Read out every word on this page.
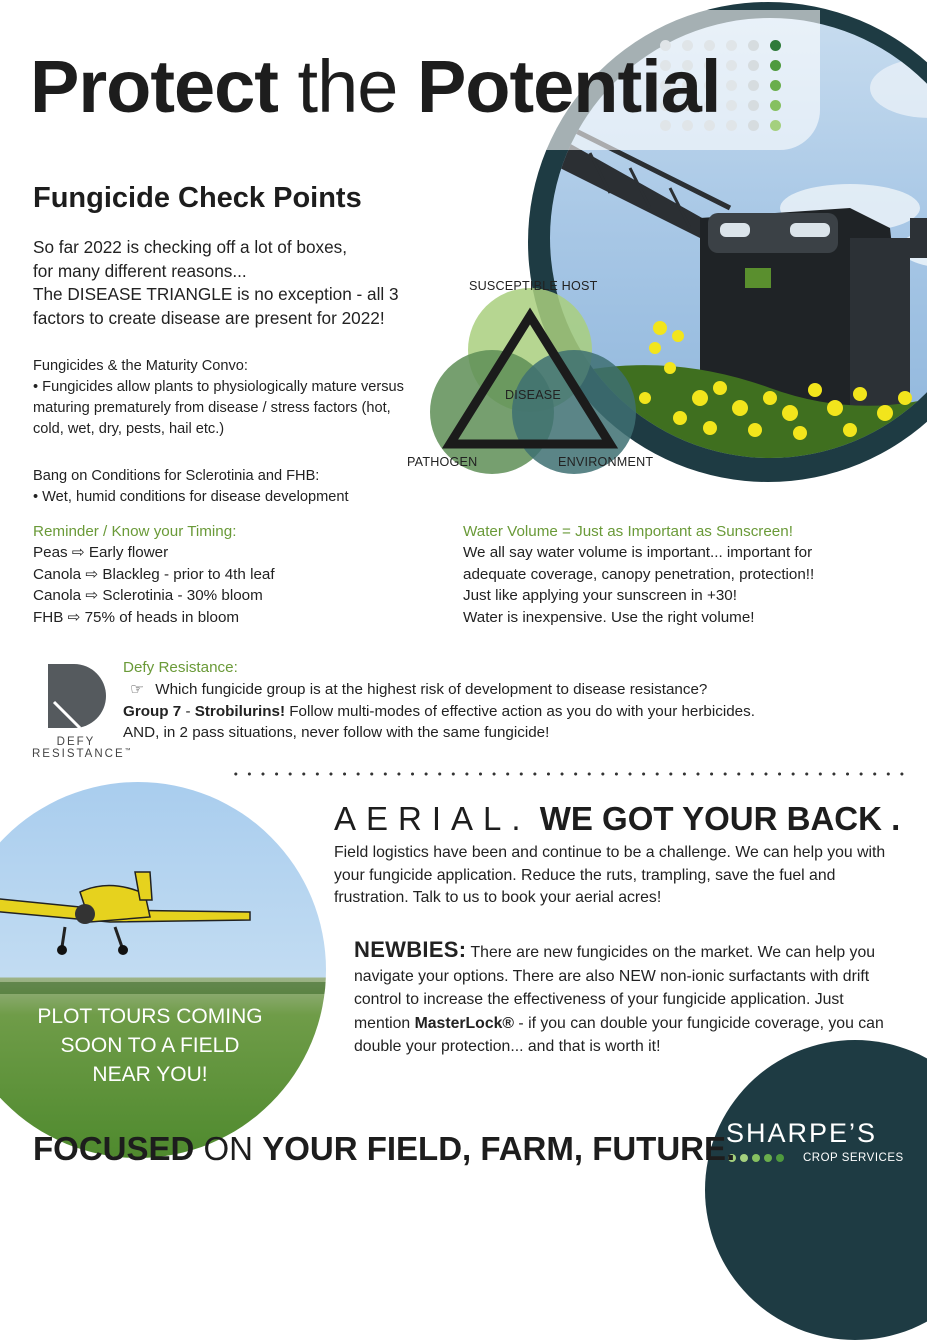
Protect the Potential
Fungicide Check Points
So far 2022 is checking off a lot of boxes,
for many different reasons...
The DISEASE TRIANGLE is no exception - all 3
factors to create disease are present for 2022!
Fungicides & the Maturity Convo:
• Fungicides allow plants to physiologically mature versus maturing prematurely from disease / stress factors (hot, cold, wet, dry, pests, hail etc.)
Bang on Conditions for Sclerotinia and FHB:
• Wet, humid conditions for disease development
SUSCEPTIBLE HOST
DISEASE
PATHOGEN	ENVIRONMENT
Reminder / Know your Timing:
Peas ⇨ Early flower
Canola ⇨ Blackleg - prior to 4th leaf
Canola ⇨ Sclerotinia - 30% bloom
FHB ⇨ 75% of heads in bloom
Water Volume = Just as Important as Sunscreen!
We all say water volume is important... important for
adequate coverage, canopy penetration, protection!!
Just like applying your sunscreen in +30!
Water is inexpensive. Use the right volume!
DEFY
RESISTANCE™
Defy Resistance:
☞ Which fungicide group is at the highest risk of development to disease resistance?
Group 7 - Strobilurins! Follow multi-modes of effective action as you do with your herbicides.
AND, in 2 pass situations, never follow with the same fungicide!
PLOT TOURS COMING
SOON TO A FIELD
NEAR YOU!
AERIAL. WE GOT YOUR BACK .
Field logistics have been and continue to be a challenge. We can help you with your fungicide application. Reduce the ruts, trampling, save the fuel and frustration. Talk to us to book your aerial acres!
NEWBIES: There are new fungicides on the market. We can help you navigate your options. There are also NEW non-ionic surfactants with drift control to increase the effectiveness of your fungicide application. Just mention MasterLock® - if you can double your fungicide coverage, you can double your protection... and that is worth it!
SHARPE’S
CROP SERVICES
FOCUSED ON YOUR FIELD, FARM, FUTURE.
